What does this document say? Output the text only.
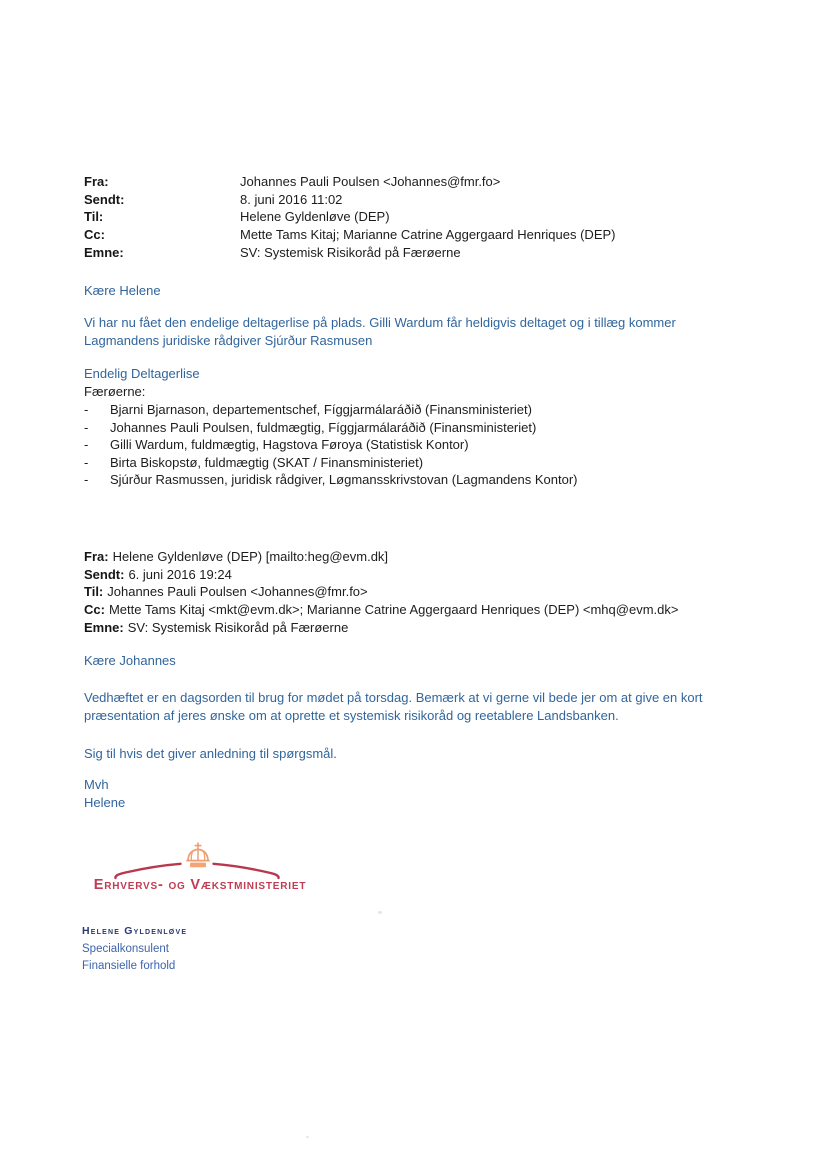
Fra:	Johannes Pauli Poulsen <Johannes@fmr.fo>
Sendt:	8. juni 2016 11:02
Til:	Helene Gyldenløve (DEP)
Cc:	Mette Tams Kitaj; Marianne Catrine Aggergaard Henriques (DEP)
Emne:	SV: Systemisk Risikoråd på Færøerne
Kære Helene
Vi har nu fået den endelige deltagerlise på plads. Gilli Wardum får heldigvis deltaget og i tillæg kommer
Lagmandens juridiske rådgiver Sjúrður Rasmusen
Endelig Deltagerlise
Færøerne:
-	Bjarni Bjarnason, departementschef, Fíggjarmálaráðið (Finansministeriet)
-	Johannes Pauli Poulsen, fuldmægtig, Fíggjarmálaráðið (Finansministeriet)
-	Gilli Wardum, fuldmægtig, Hagstova Føroya (Statistisk Kontor)
-	Birta Biskopstø, fuldmægtig (SKAT / Finansministeriet)
-	Sjúrður Rasmussen, juridisk rådgiver, Løgmansskrivstovan (Lagmandens Kontor)
Fra: Helene Gyldenløve (DEP) [mailto:heg@evm.dk]
Sendt: 6. juni 2016 19:24
Til: Johannes Pauli Poulsen <Johannes@fmr.fo>
Cc: Mette Tams Kitaj <mkt@evm.dk>; Marianne Catrine Aggergaard Henriques (DEP) <mhq@evm.dk>
Emne: SV: Systemisk Risikoråd på Færøerne
Kære Johannes
Vedhæftet er en dagsorden til brug for mødet på torsdag. Bemærk at vi gerne vil bede jer om at give en kort
præsentation af jeres ønske om at oprette et systemisk risikoråd og reetablere Landsbanken.
Sig til hvis det giver anledning til spørgsmål.
Mvh
Helene
Erhvervs- og Vækstministeriet
Helene Gyldenløve
Specialkonsulent
Finansielle forhold
